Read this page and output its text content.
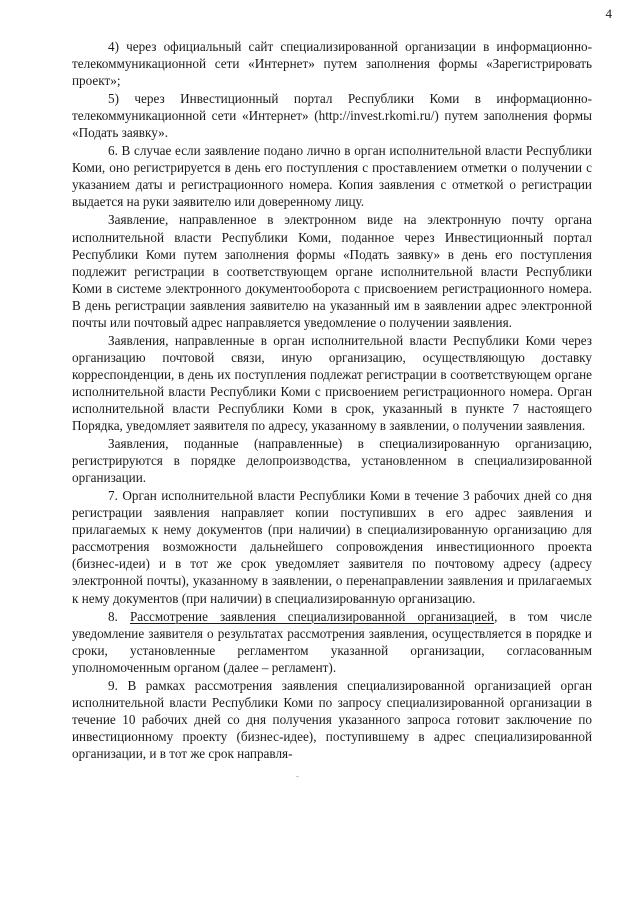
4

4) через официальный сайт специализированной организации в информационно-телекоммуникационной сети «Интернет» путем заполнения формы «Зарегистрировать проект»;

5) через Инвестиционный портал Республики Коми в информационно-телекоммуникационной сети «Интернет» (http://invest.rkomi.ru/) путем заполнения формы «Подать заявку».

6. В случае если заявление подано лично в орган исполнительной власти Республики Коми, оно регистрируется в день его поступления с проставлением отметки о получении с указанием даты и регистрационного номера. Копия заявления с отметкой о регистрации выдается на руки заявителю или доверенному лицу.

Заявление, направленное в электронном виде на электронную почту органа исполнительной власти Республики Коми, поданное через Инвестиционный портал Республики Коми путем заполнения формы «Подать заявку» в день его поступления подлежит регистрации в соответствующем органе исполнительной власти Республики Коми в системе электронного документооборота с присвоением регистрационного номера. В день регистрации заявления заявителю на указанный им в заявлении адрес электронной почты или почтовый адрес направляется уведомление о получении заявления.

Заявления, направленные в орган исполнительной власти Республики Коми через организацию почтовой связи, иную организацию, осуществляющую доставку корреспонденции, в день их поступления подлежат регистрации в соответствующем органе исполнительной власти Республики Коми с присвоением регистрационного номера. Орган исполнительной власти Республики Коми в срок, указанный в пункте 7 настоящего Порядка, уведомляет заявителя по адресу, указанному в заявлении, о получении заявления.

Заявления, поданные (направленные) в специализированную организацию, регистрируются в порядке делопроизводства, установленном в специализированной организации.

7. Орган исполнительной власти Республики Коми в течение 3 рабочих дней со дня регистрации заявления направляет копии поступивших в его адрес заявления и прилагаемых к нему документов (при наличии) в специализированную организацию для рассмотрения возможности дальнейшего сопровождения инвестиционного проекта (бизнес-идеи) и в тот же срок уведомляет заявителя по почтовому адресу (адресу электронной почты), указанному в заявлении, о перенаправлении заявления и прилагаемых к нему документов (при наличии) в специализированную организацию.

8. Рассмотрение заявления специализированной организацией, в том числе уведомление заявителя о результатах рассмотрения заявления, осуществляется в порядке и сроки, установленные регламентом указанной организации, согласованным уполномоченным органом (далее – регламент).

9. В рамках рассмотрения заявления специализированной организацией орган исполнительной власти Республики Коми по запросу специализированной организации в течение 10 рабочих дней со дня получения указанного запроса готовит заключение по инвестиционному проекту (бизнес-идее), поступившему в адрес специализированной организации, и в тот же срок направля-
